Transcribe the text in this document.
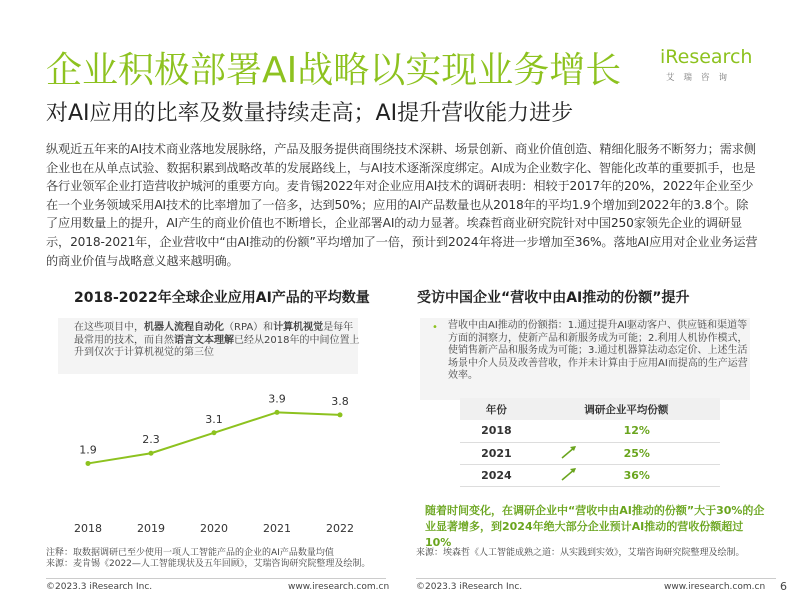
企业积极部署AI战略以实现业务增长
对AI应用的比率及数量持续走高；AI提升营收能力进步
iResearch
艾瑞咨询
纵观近五年来的AI技术商业落地发展脉络，产品及服务提供商围绕技术深耕、场景创新、商业价值创造、精细化服务不断努力；需求侧企业也在从单点试验、数据积累到战略改革的发展路线上，与AI技术逐渐深度绑定。AI成为企业数字化、智能化改革的重要抓手，也是各行业领军企业打造营收护城河的重要方向。麦肯锡2022年对企业应用AI技术的调研表明：相较于2017年的20%，2022年企业至少在一个业务领域采用AI技术的比率增加了一倍多，达到50%；应用的AI产品数量也从2018年的平均1.9个增加到2022年的3.8个。除了应用数量上的提升，AI产生的商业价值也不断增长，企业部署AI的动力显著。埃森哲商业研究院针对中国250家领先企业的调研显示，2018-2021年，企业营收中“由AI推动的份额”平均增加了一倍，预计到2024年将进一步增加至36%。落地AI应用对企业业务运营的商业价值与战略意义越来越明确。
2018-2022年全球企业应用AI产品的平均数量	受访中国企业“营收中由AI推动的份额”提升
在这些项目中，机器人流程自动化（RPA）和计算机视觉是每年最常用的技术，而自然语言文本理解已经从2018年的中间位置上升到仅次于计算机视觉的第三位
1.9
2018
2.3
2019
3.1
2020
3.9
2021
3.8
2022
注释：取数据调研已至少使用一项人工智能产品的企业的AI产品数量均值
来源：麦肯锡《2022—人工智能现状及五年回顾》，艾瑞咨询研究院整理及绘制。
• 营收中由AI推动的份额指：1.通过提升AI驱动客户、供应链和渠道等方面的洞察力，使新产品和新服务成为可能；2.利用人机协作模式，使销售新产品和服务成为可能；3.通过机器算法动态定价、上述生活场景中介人员及改善营收，作并未计算由于应用AI而提高的生产运营效率。
年份	调研企业平均份额	
2018		12%
2021		25%
2024		36%
随着时间变化，在调研企业中“营收中由AI推动的份额”大于30%的企业显著增多，到2024年绝大部分企业预计AI推动的营收份额超过10%
来源：埃森哲《人工智能成熟之道：从实践到实效》，艾瑞咨询研究院整理及绘制。
©2023.3 iResearch Inc.	www.iresearch.com.cn	©2023.3 iResearch Inc.	www.iresearch.com.cn 6
